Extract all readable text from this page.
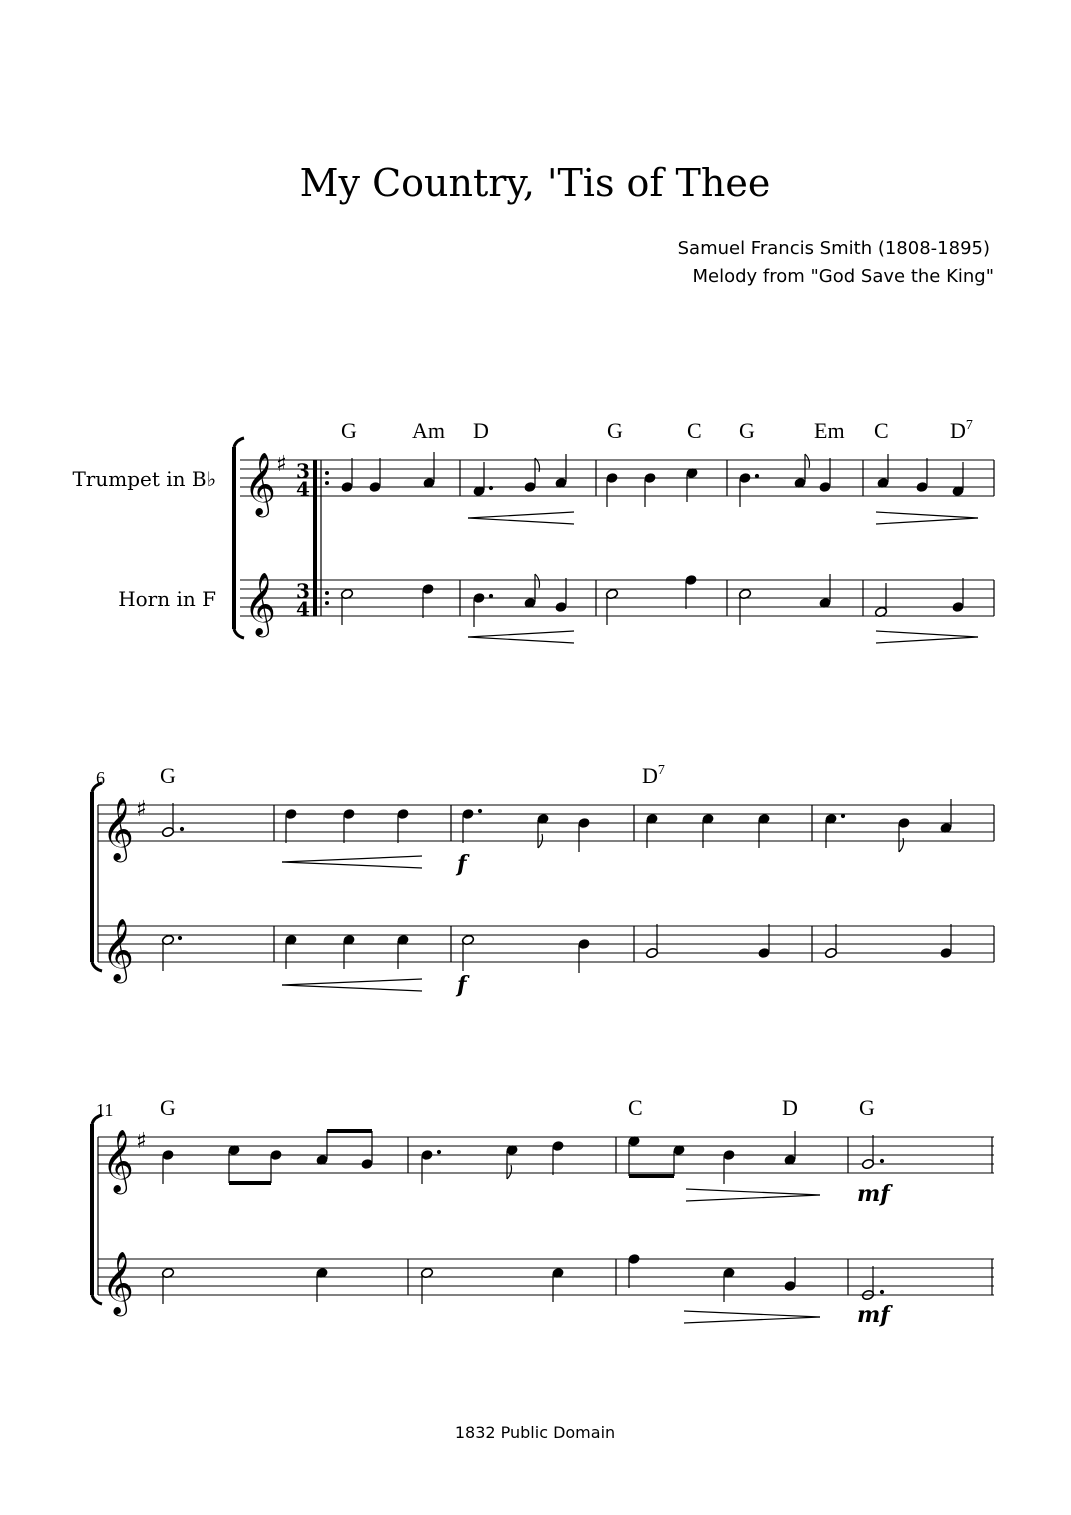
My Country, 'Tis of Thee
Samuel Francis Smith (1808-1895)
Melody from "God Save the King"
Trumpet in B♭
Horn in F
𝄞
𝄞
♯ 3
4
3
4
G	Am D	G	C G	Em C	$D^7$
6
𝄞
𝄞
♯
G	$D^7$
f
f
11
𝄞
𝄞
♯
G	C	D	G
mf
mf
1832 Public Domain
